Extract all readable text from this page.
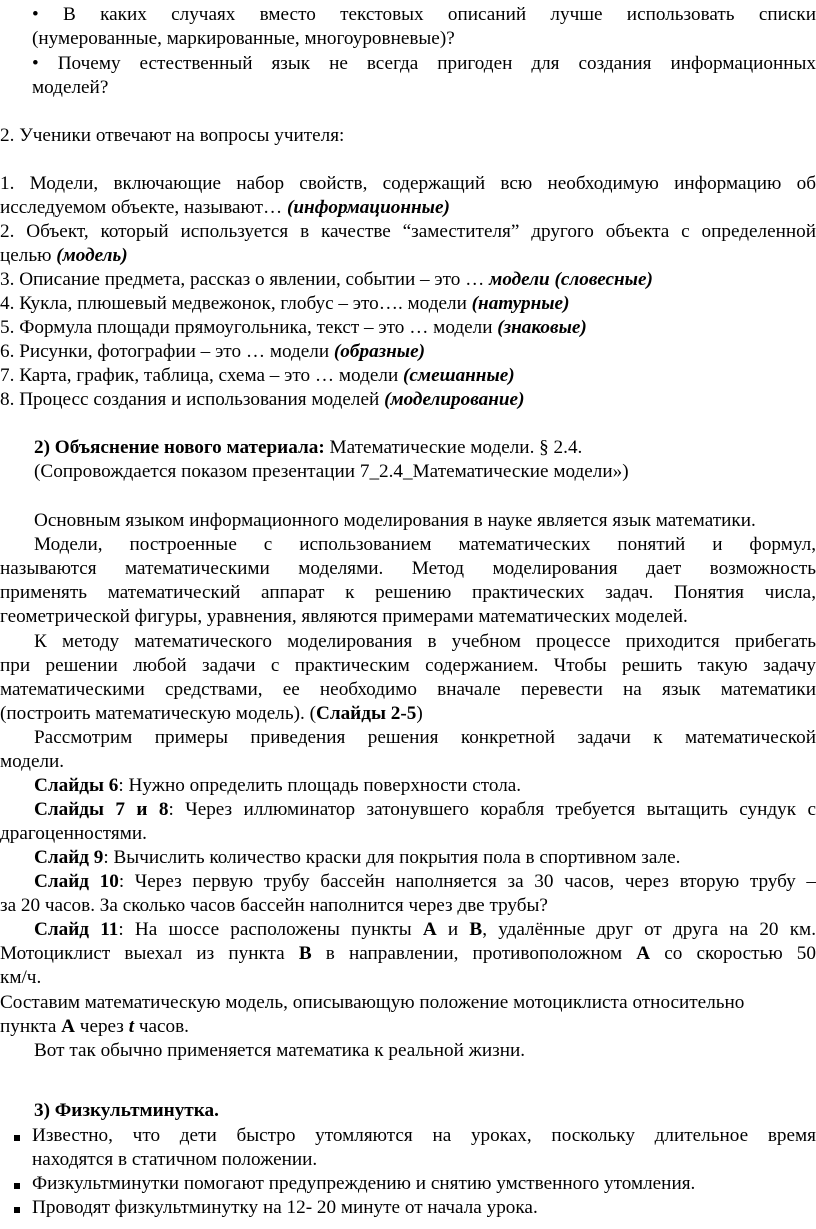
• В каких случаях вместо текстовых описаний лучше использовать списки
(нумерованные, маркированные, многоуровневые)?
• Почему естественный язык не всегда пригоден для создания информационных
моделей?
2. Ученики отвечают на вопросы учителя:
1. Модели, включающие набор свойств, содержащий всю необходимую информацию об
исследуемом объекте, называют… (информационные)
2. Объект, который используется в качестве “заместителя” другого объекта с определенной
целью (модель)
3. Описание предмета, рассказ о явлении, событии – это … модели (словесные)
4. Кукла, плюшевый медвежонок, глобус – это…. модели (натурные)
5. Формула площади прямоугольника, текст – это … модели (знаковые)
6. Рисунки, фотографии – это … модели (образные)
7. Карта, график, таблица, схема – это … модели (смешанные)
8. Процесс создания и использования моделей (моделирование)
2) Объяснение нового материала: Математические модели. § 2.4.
(Сопровождается показом презентации 7_2.4_Математические модели»)
Основным языком информационного моделирования в науке является язык математики.
Модели, построенные с использованием математических понятий и формул,
называются математическими моделями. Метод моделирования дает возможность
применять математический аппарат к решению практических задач. Понятия числа,
геометрической фигуры, уравнения, являются примерами математических моделей.
К методу математического моделирования в учебном процессе приходится прибегать
при решении любой задачи с практическим содержанием. Чтобы решить такую задачу
математическими средствами, ее необходимо вначале перевести на язык математики
(построить математическую модель). (Слайды 2-5)
Рассмотрим примеры приведения решения конкретной задачи к математической
модели.
Слайды 6: Нужно определить площадь поверхности стола.
Слайды 7 и 8: Через иллюминатор затонувшего корабля требуется вытащить сундук с
драгоценностями.
Слайд 9: Вычислить количество краски для покрытия пола в спортивном зале.
Слайд 10: Через первую трубу бассейн наполняется за 30 часов, через вторую трубу –
за 20 часов. За сколько часов бассейн наполнится через две трубы?
Слайд 11: На шоссе расположены пункты А и В, удалённые друг от друга на 20 км.
Мотоциклист выехал из пункта В в направлении, противоположном А со скоростью 50
км/ч.
Составим математическую модель, описывающую положение мотоциклиста относительно
пункта А через t часов.
Вот так обычно применяется математика к реальной жизни.
3) Физкультминутка.
Известно, что дети быстро утомляются на уроках, поскольку длительное время
находятся в статичном положении.
Физкультминутки помогают предупреждению и снятию умственного утомления.
Проводят физкультминутку на 12- 20 минуте от начала урока.
